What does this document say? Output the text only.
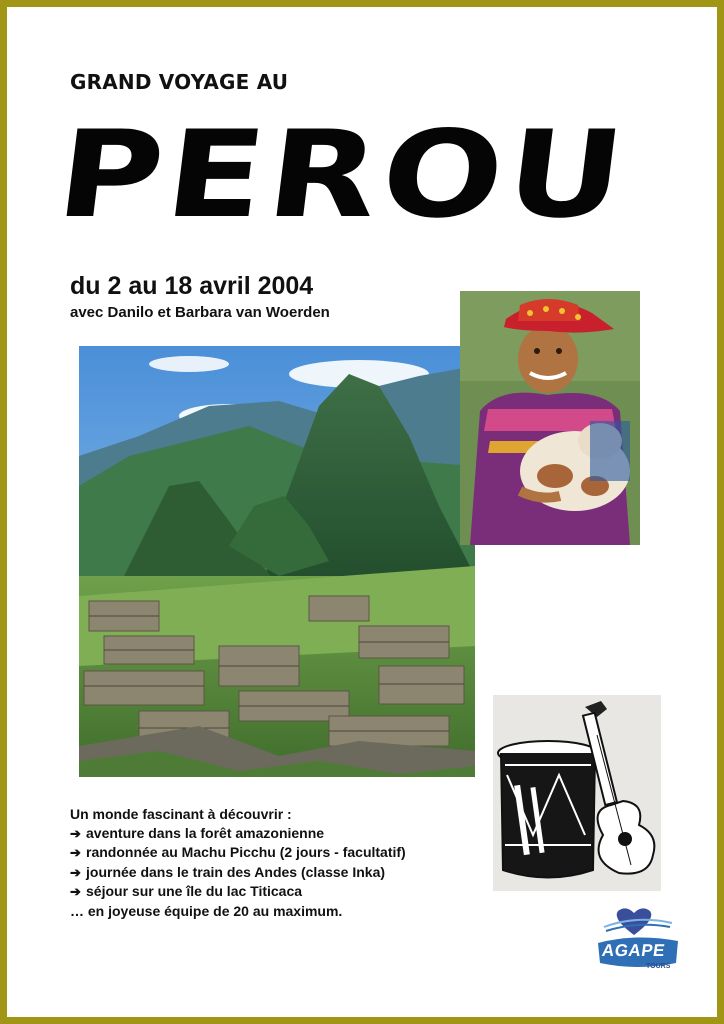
GRAND VOYAGE AU
PEROU
du 2 au 18 avril 2004
avec Danilo et Barbara van Woerden
Un monde fascinant à découvrir :
➔ aventure dans la forêt amazonienne
➔ randonnée au Machu Picchu (2 jours - facultatif)
➔ journée dans le train des Andes (classe Inka)
➔ séjour sur une île du lac Titicaca
… en joyeuse équipe de 20 au maximum.
AGAPE
TOURS
